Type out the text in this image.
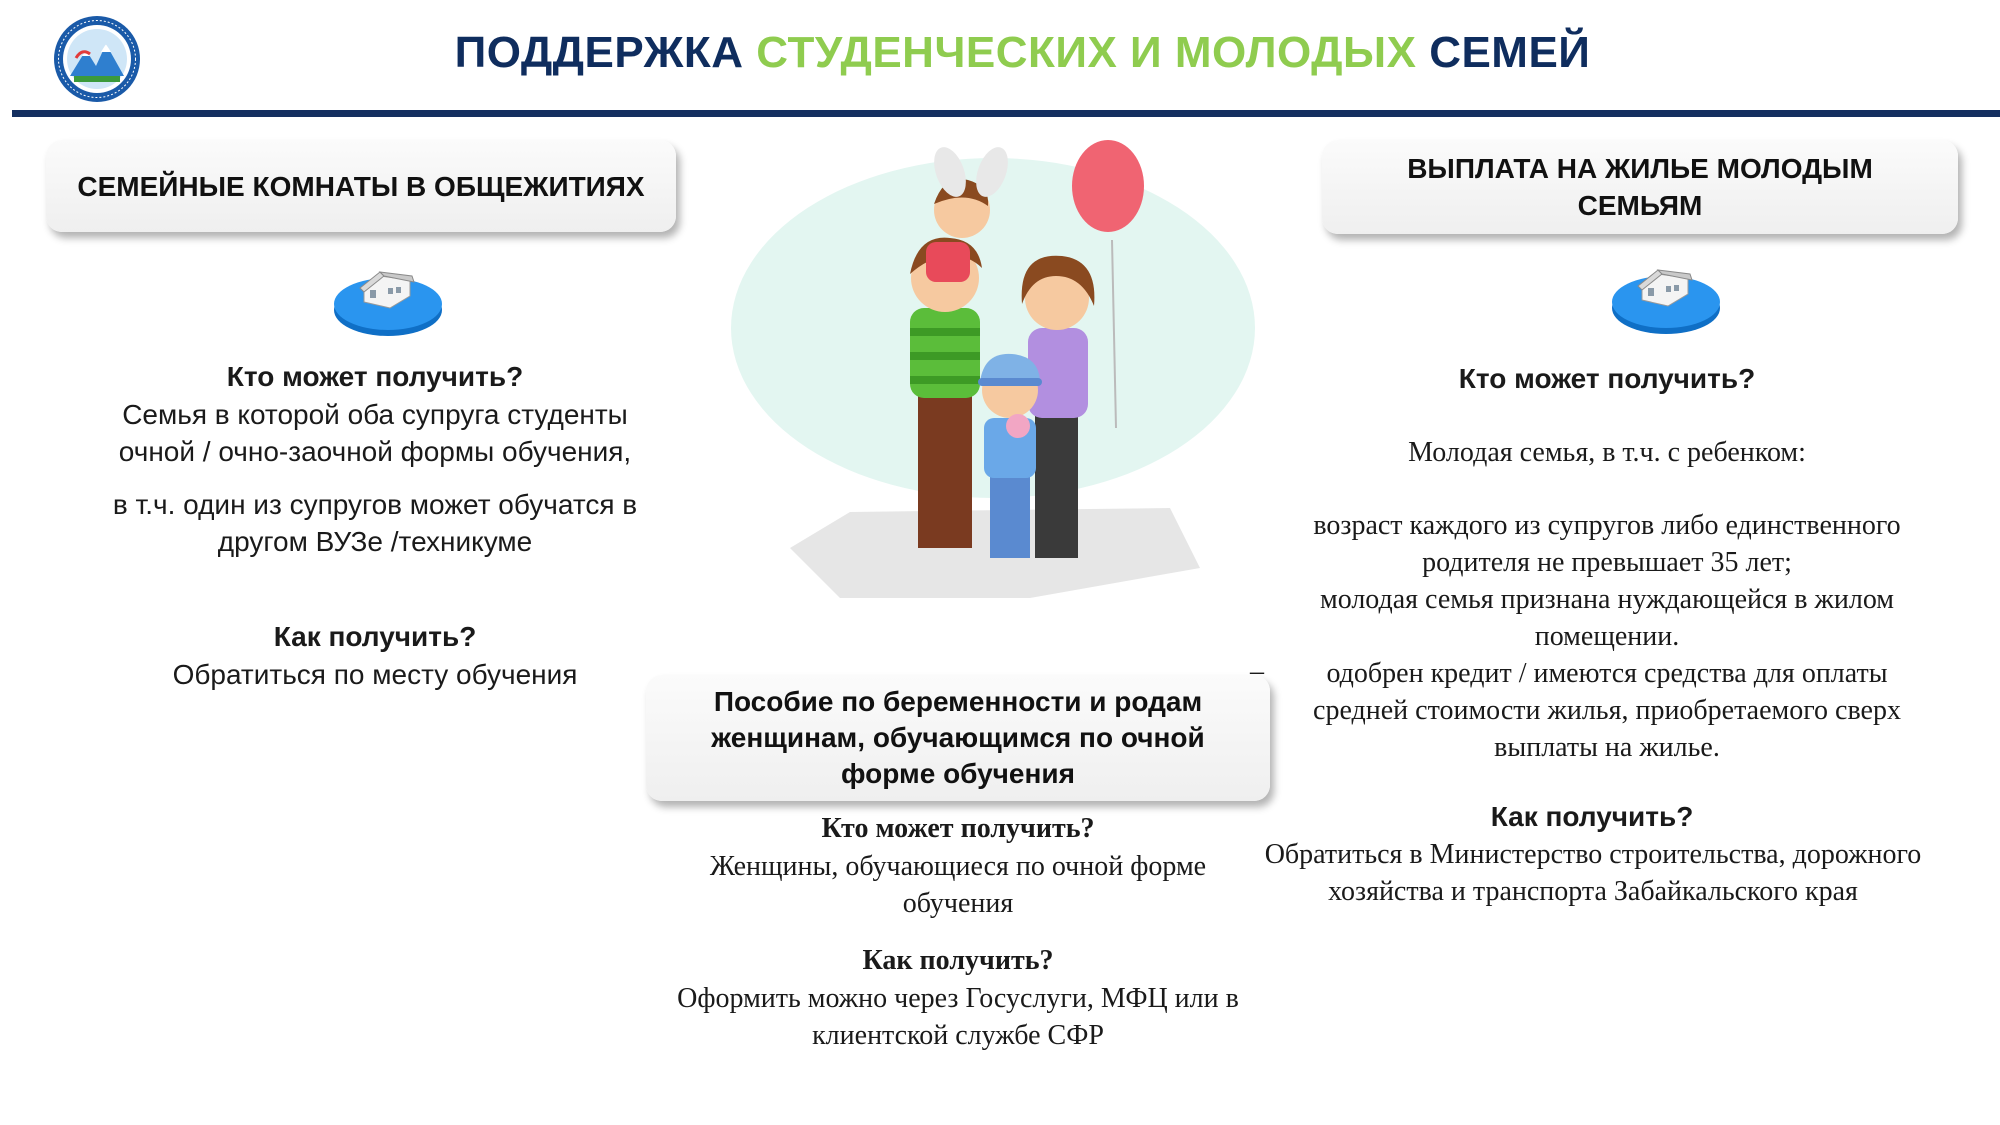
ПОДДЕРЖКА СТУДЕНЧЕСКИХ И МОЛОДЫХ СЕМЕЙ
СЕМЕЙНЫЕ КОМНАТЫ В ОБЩЕЖИТИЯХ
Кто может получить?
Семья в которой оба супруга студенты очной / очно-заочной формы обучения,
в т.ч. один из супругов может обучатся в другом ВУЗе /техникуме
Как получить?
Обратиться по месту обучения
Пособие по беременности и родам женщинам, обучающимся по очной форме обучения
Кто может получить?
Женщины, обучающиеся по очной форме обучения
Как получить?
Оформить можно через Госуслуги, МФЦ или в клиентской службе СФР
ВЫПЛАТА НА ЖИЛЬЕ МОЛОДЫМ СЕМЬЯМ
Кто может получить?
Молодая семья, в т.ч. с ребенком:
возраст каждого из супругов либо единственного родителя не превышает 35 лет;
молодая семья признана нуждающейся в жилом помещении.
одобрен кредит / имеются средства для оплаты средней стоимости жилья, приобретаемого сверх выплаты на жилье.
–
Как получить?
Обратиться в Министерство строительства, дорожного хозяйства и транспорта Забайкальского края
